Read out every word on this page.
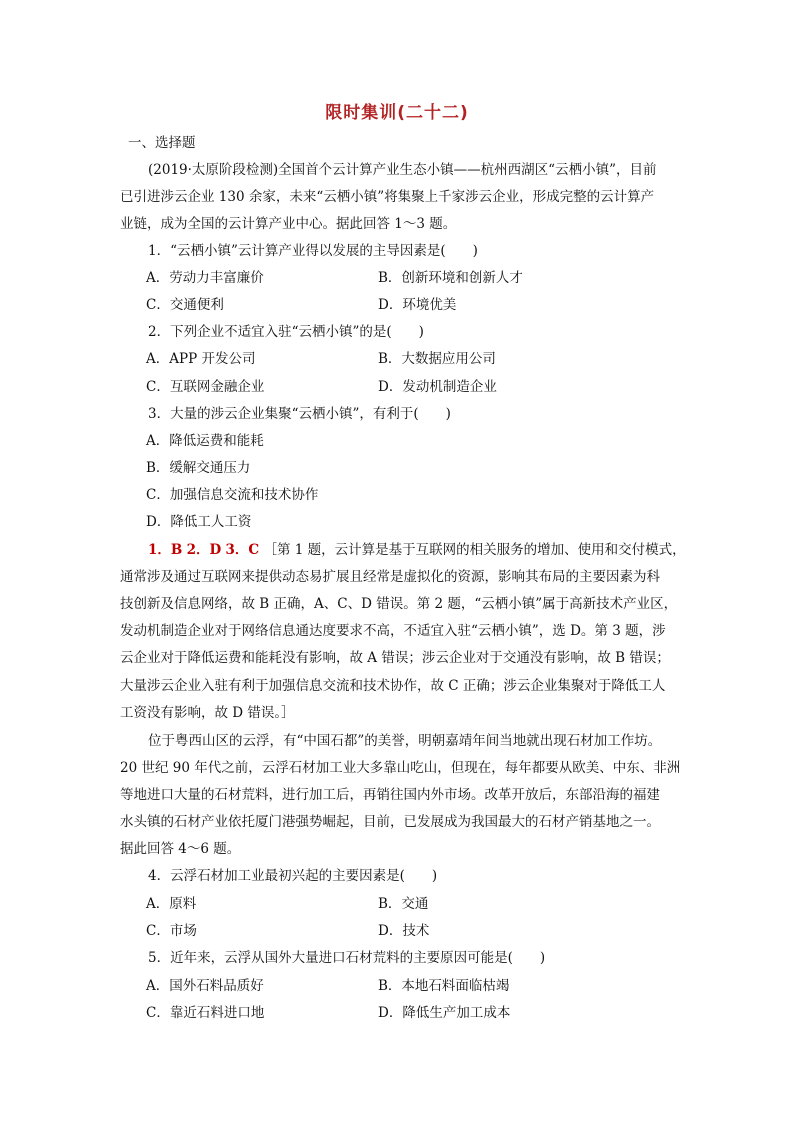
限时集训(二十二)
一、选择题
(2019·太原阶段检测)全国首个云计算产业生态小镇——杭州西湖区“云栖小镇”，目前
已引进涉云企业 130 余家，未来“云栖小镇”将集聚上千家涉云企业，形成完整的云计算产
业链，成为全国的云计算产业中心。据此回答 1～3 题。
1．“云栖小镇”云计算产业得以发展的主导因素是(　　)
A．劳动力丰富廉价	B．创新环境和创新人才
C．交通便利	D．环境优美
2．下列企业不适宜入驻“云栖小镇”的是(　　)
A．APP 开发公司	B．大数据应用公司
C．互联网金融企业	D．发动机制造企业
3．大量的涉云企业集聚“云栖小镇”，有利于(　　)
A．降低运费和能耗
B．缓解交通压力
C．加强信息交流和技术协作
D．降低工人工资
1．B 2．D 3．C ［第 1 题，云计算是基于互联网的相关服务的增加、使用和交付模式，
通常涉及通过互联网来提供动态易扩展且经常是虚拟化的资源，影响其布局的主要因素为科
技创新及信息网络，故 B 正确，A、C、D 错误。第 2 题，“云栖小镇”属于高新技术产业区，
发动机制造企业对于网络信息通达度要求不高，不适宜入驻“云栖小镇”，选 D。第 3 题，涉
云企业对于降低运费和能耗没有影响，故 A 错误；涉云企业对于交通没有影响，故 B 错误；
大量涉云企业入驻有利于加强信息交流和技术协作，故 C 正确；涉云企业集聚对于降低工人
工资没有影响，故 D 错误。］
位于粤西山区的云浮，有“中国石都”的美誉，明朝嘉靖年间当地就出现石材加工作坊。
20 世纪 90 年代之前，云浮石材加工业大多靠山吃山，但现在，每年都要从欧美、中东、非洲
等地进口大量的石材荒料，进行加工后，再销往国内外市场。改革开放后，东部沿海的福建
水头镇的石材产业依托厦门港强势崛起，目前，已发展成为我国最大的石材产销基地之一。
据此回答 4～6 题。
4．云浮石材加工业最初兴起的主要因素是(　　)
A．原料	B．交通
C．市场	D．技术
5．近年来，云浮从国外大量进口石材荒料的主要原因可能是(　　)
A．国外石料品质好	B．本地石料面临枯竭
C．靠近石料进口地	D．降低生产加工成本
